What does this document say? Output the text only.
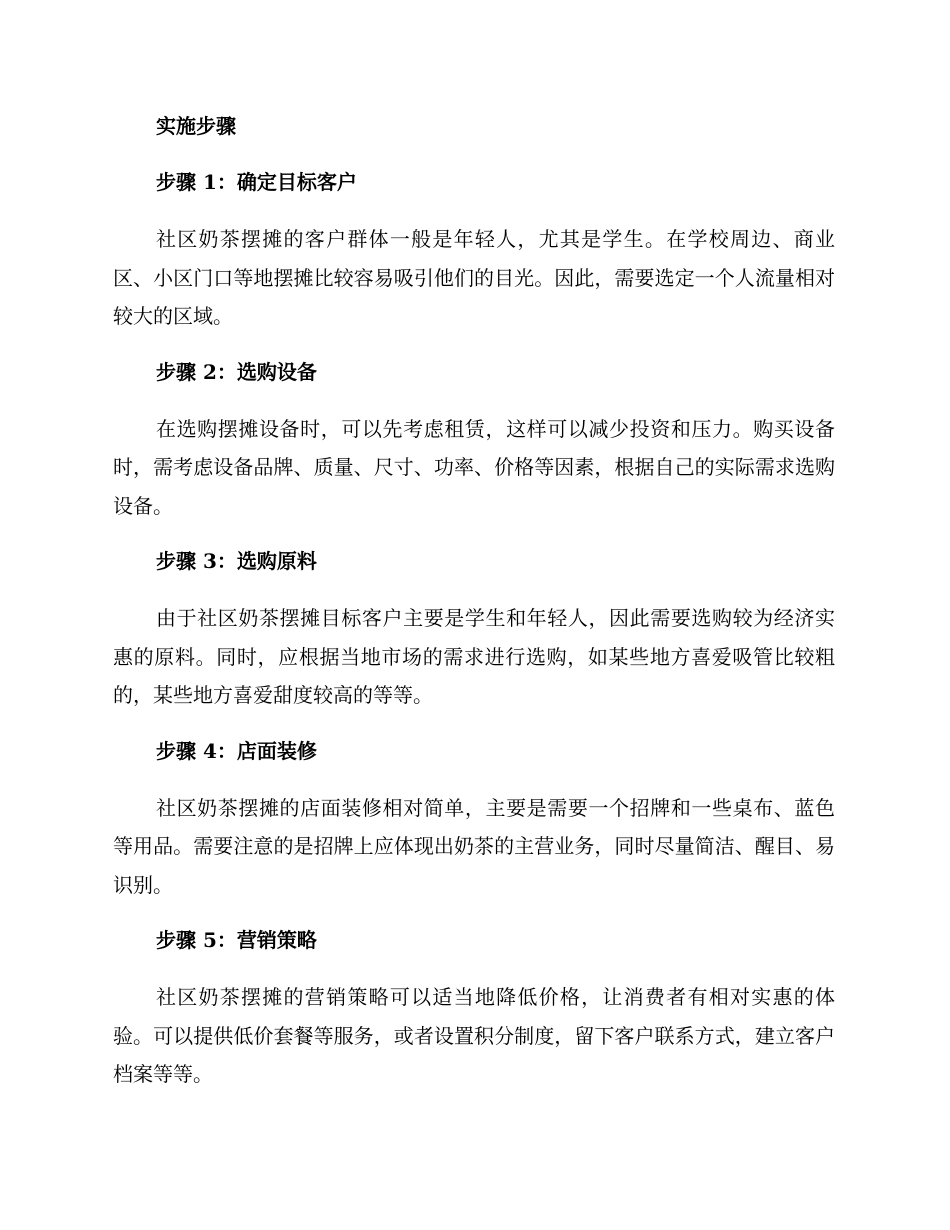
实施步骤

步骤 1：确定目标客户

社区奶茶摆摊的客户群体一般是年轻人，尤其是学生。在学校周边、商业区、小区门口等地摆摊比较容易吸引他们的目光。因此，需要选定一个人流量相对较大的区域。

步骤 2：选购设备

在选购摆摊设备时，可以先考虑租赁，这样可以减少投资和压力。购买设备时，需考虑设备品牌、质量、尺寸、功率、价格等因素，根据自己的实际需求选购设备。

步骤 3：选购原料

由于社区奶茶摆摊目标客户主要是学生和年轻人，因此需要选购较为经济实惠的原料。同时，应根据当地市场的需求进行选购，如某些地方喜爱吸管比较粗的，某些地方喜爱甜度较高的等等。

步骤 4：店面装修

社区奶茶摆摊的店面装修相对简单，主要是需要一个招牌和一些桌布、蓝色等用品。需要注意的是招牌上应体现出奶茶的主营业务，同时尽量简洁、醒目、易识别。

步骤 5：营销策略

社区奶茶摆摊的营销策略可以适当地降低价格，让消费者有相对实惠的体验。可以提供低价套餐等服务，或者设置积分制度，留下客户联系方式，建立客户档案等等。
